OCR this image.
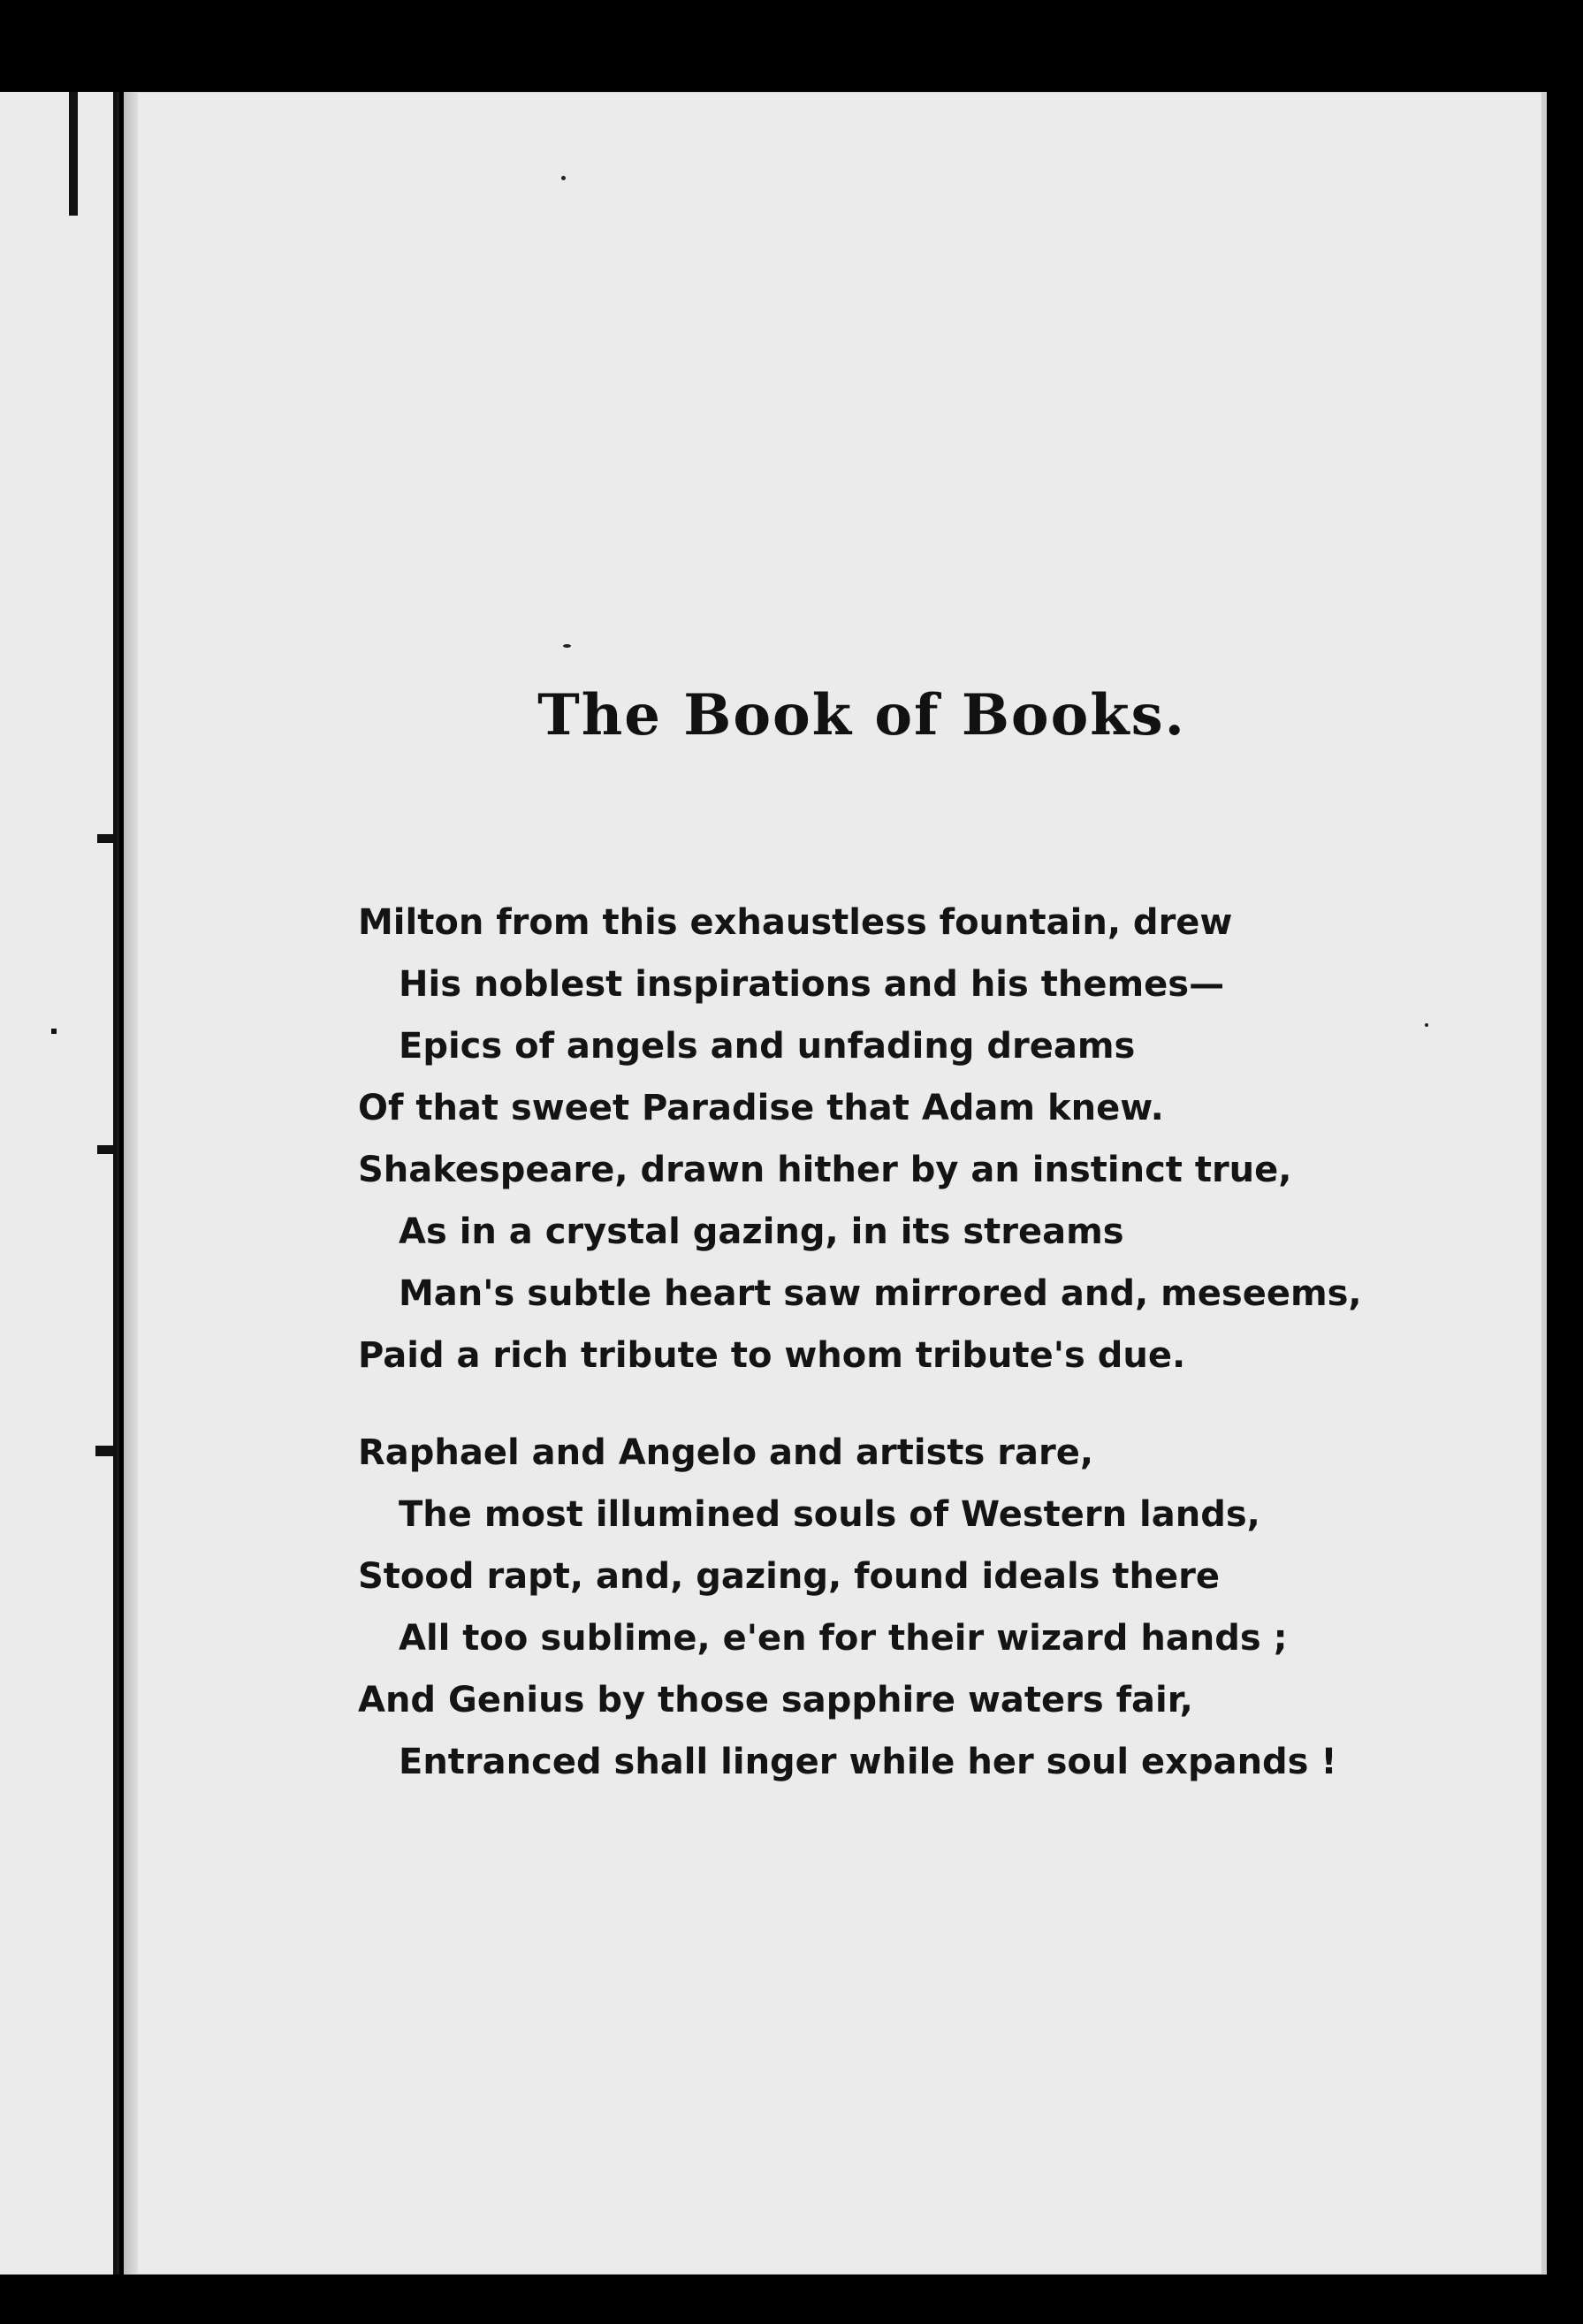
The Book of Books.
Milton from this exhaustless fountain, drew
His noblest inspirations and his themes—
Epics of angels and unfading dreams
Of that sweet Paradise that Adam knew.
Shakespeare, drawn hither by an instinct true,
As in a crystal gazing, in its streams
Man's subtle heart saw mirrored and, meseems,
Paid a rich tribute to whom tribute's due.
Raphael and Angelo and artists rare,
The most illumined souls of Western lands,
Stood rapt, and, gazing, found ideals there
All too sublime, e'en for their wizard hands ;
And Genius by those sapphire waters fair,
Entranced shall linger while her soul expands !
